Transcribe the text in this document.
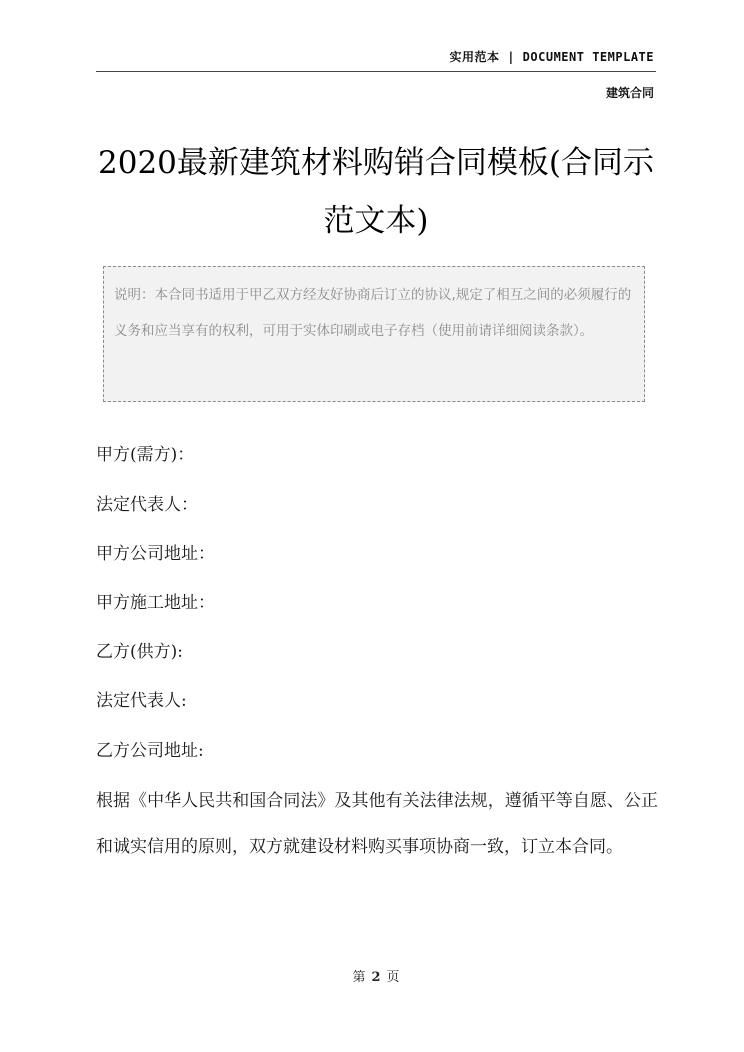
实用范本 | DOCUMENT TEMPLATE
建筑合同
2020最新建筑材料购销合同模板(合同示范文本)
说明：本合同书适用于甲乙双方经友好协商后订立的协议,规定了相互之间的必须履行的义务和应当享有的权利，可用于实体印刷或电子存档（使用前请详细阅读条款）。
甲方(需方)：
法定代表人：
甲方公司地址：
甲方施工地址：
乙方(供方):
法定代表人:
乙方公司地址:
根据《中华人民共和国合同法》及其他有关法律法规，遵循平等自愿、公正和诚实信用的原则，双方就建设材料购买事项协商一致，订立本合同。
第 2 页
